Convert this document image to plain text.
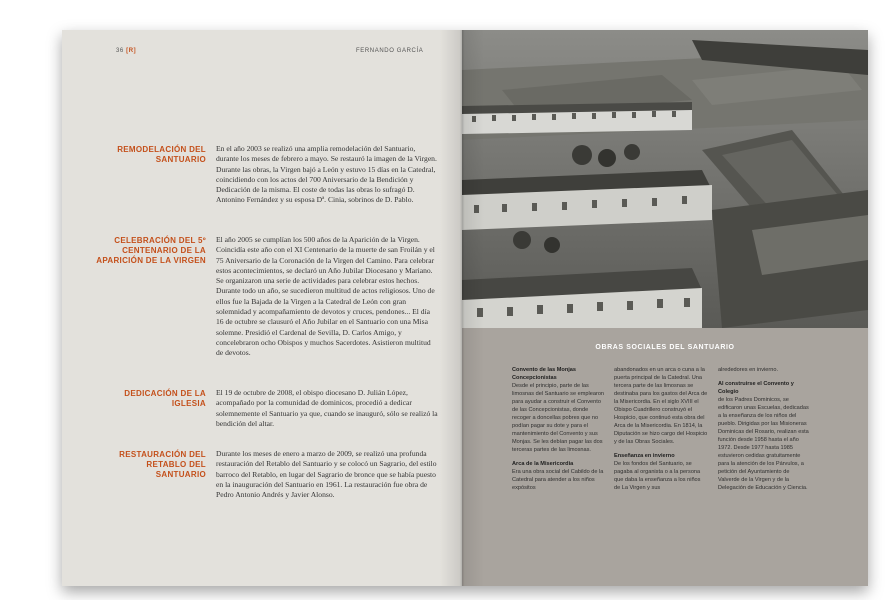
36 [R]	FERNANDO GARCÍA
REMODELACIÓN DEL SANTUARIO
En el año 2003 se realizó una amplia remodelación del Santuario, durante los meses de febrero a mayo. Se restauró la imagen de la Virgen. Durante las obras, la Virgen bajó a León y estuvo 15 días en la Catedral, coincidiendo con los actos del 700 Aniversario de la Bendición y Dedicación de la misma. El coste de todas las obras lo sufragó D. Antonino Fernández y su esposa Dª. Cinia, sobrinos de D. Pablo.
CELEBRACIÓN DEL 5º CENTENARIO DE LA APARICIÓN DE LA VIRGEN
El año 2005 se cumplían los 500 años de la Aparición de la Virgen. Coincidía este año con el XI Centenario de la muerte de san Froilán y el 75 Aniversario de la Coronación de la Virgen del Camino. Para celebrar estos acontecimientos, se declaró un Año Jubilar Diocesano y Mariano. Se organizaron una serie de actividades para celebrar estos hechos. Durante todo un año, se sucedieron multitud de actos religiosos. Uno de ellos fue la Bajada de la Virgen a la Catedral de León con gran solemnidad y acompañamiento de devotos y cruces, pendones... El día 16 de octubre se clausuró el Año Jubilar en el Santuario con una Misa solemne. Presidió el Cardenal de Sevilla, D. Carlos Amigo, y concelebraron ocho Obispos y muchos Sacerdotes. Asistieron multitud de devotos.
DEDICACIÓN DE LA IGLESIA
El 19 de octubre de 2008, el obispo diocesano D. Julián López, acompañado por la comunidad de dominicos, procedió a dedicar solemnemente el Santuario ya que, cuando se inauguró, sólo se realizó la bendición del altar.
RESTAURACIÓN DEL RETABLO DEL SANTUARIO
Durante los meses de enero a marzo de 2009, se realizó una profunda restauración del Retablo del Santuario y se colocó un Sagrario, del estilo barroco del Retablo, en lugar del Sagrario de bronce que se había puesto en la inauguración del Santuario en 1961. La restauración fue obra de Pedro Antonio Andrés y Javier Alonso.
OBRAS SOCIALES DEL SANTUARIO

Convento de las Monjas Concepcionistas

Desde el principio, parte de las limosnas del Santuario se emplearon para ayudar a construir el Convento de las Concepcionistas, donde recoger a doncellas pobres que no podían pagar su dote y para el mantenimiento del Convento y sus Monjas. Se les debían pagar las dos terceras partes de las limosnas.

Arca de la Misericordia

Era una obra social del Cabildo de la Catedral para atender a los niños expósitos

abandonados en un arca o cuna a la puerta principal de la Catedral. Una tercera parte de las limosnas se destinaba para los gastos del Arca de la Misericordia. En el siglo XVIII el Obispo Cuadrillero construyó el Hospicio, que continuó esta obra del Arca de la Misericordia. En 1814, la Diputación se hizo cargo del Hospicio y de las Obras Sociales.

Enseñanza en invierno

De los fondos del Santuario, se pagaba al organista o a la persona que daba la enseñanza a los niños de La Virgen y sus

alrededores en invierno.

Al construirse el Convento y Colegio

de los Padres Dominicos, se edificaron unas Escuelas, dedicadas a la enseñanza de los niños del pueblo. Dirigidas por las Misioneras Dominicas del Rosario, realizan esta función desde 1958 hasta el año 1972. Desde 1977 hasta 1985 estuvieron cedidas gratuitamente para la atención de los Párvulos, a petición del Ayuntamiento de Valverde de la Virgen y de la Delegación de Educación y Ciencia.
